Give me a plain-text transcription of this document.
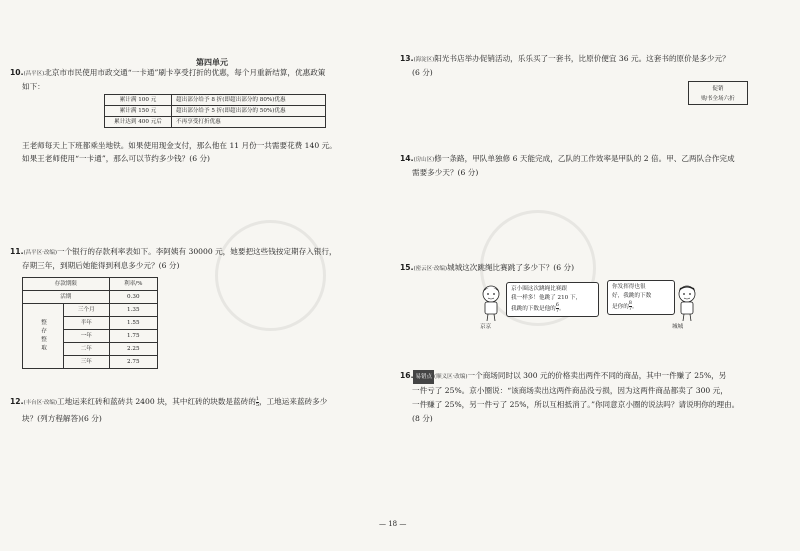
第四单元
10.(昌平区)北京市市民使用市政交通“一卡通”刷卡享受打折的优惠，每个月重新结算，优惠政策
如下：
累计满 100 元	超出部分给予 8 折(即超出部分的 80%)优惠
累计满 150 元	超出部分给予 5 折(即超出部分的 50%)优惠
累计达到 400 元后	不再享受打折优惠
王老师每天上下班都乘坐地铁。如果使用现金支付，那么他在 11 月份一共需要花费 140 元。
如果王老师使用“一卡通”，那么可以节约多少钱？(6 分)
11.(昌平区·改编)一个银行的存款利率表如下。李阿姨有 30000 元，她要把这些钱按定期存入银行，
存期三年，到期后她能得到利息多少元？(6 分)
存款期限		利率/%
活期		0.30
整存整取	三个月	1.35
	半年	1.55
	一年	1.75
	二年	2.25
	三年	2.75
12.(丰台区·改编)工地运来红砖和蓝砖共 2400 块，其中红砖的块数是蓝砖的 $\frac{1}{5}$ ，工地运来蓝砖多少
块？(列方程解答)(6 分)
13.(海淀区)阳光书店举办促销活动，乐乐买了一套书，比原价便宜 36 元。这套书的原价是多少元？
(6 分)
促销
购书全场六折
14.(房山区)修一条路，甲队单独修 6 天能完成，乙队的工作效率是甲队的 2 倍。甲、乙两队合作完成
需要多少天？(6 分)
15.(密云区·改编)城城这次跳绳比赛跳了多少下？(6 分)
京京
京小圈这次跳绳比赛跟
我一样多！他跳了 210 下，
我跳的下数是他的 $\frac{6}{7}$ 。
你发挥得也很
好，我跳的下数
是你的 $\frac{8}{7}$ 。
城城
16. 易错点 (顺义区·改编)一个商场同时以 300 元的价格卖出两件不同的商品，其中一件赚了 25%，另
一件亏了 25%。京小圈说：“该商场卖出这两件商品没亏损，因为这两件商品都卖了 300 元，
一件赚了 25%，另一件亏了 25%，所以互相抵消了。”你同意京小圈的说法吗？请说明你的理由。
(8 分)
— 18 —
